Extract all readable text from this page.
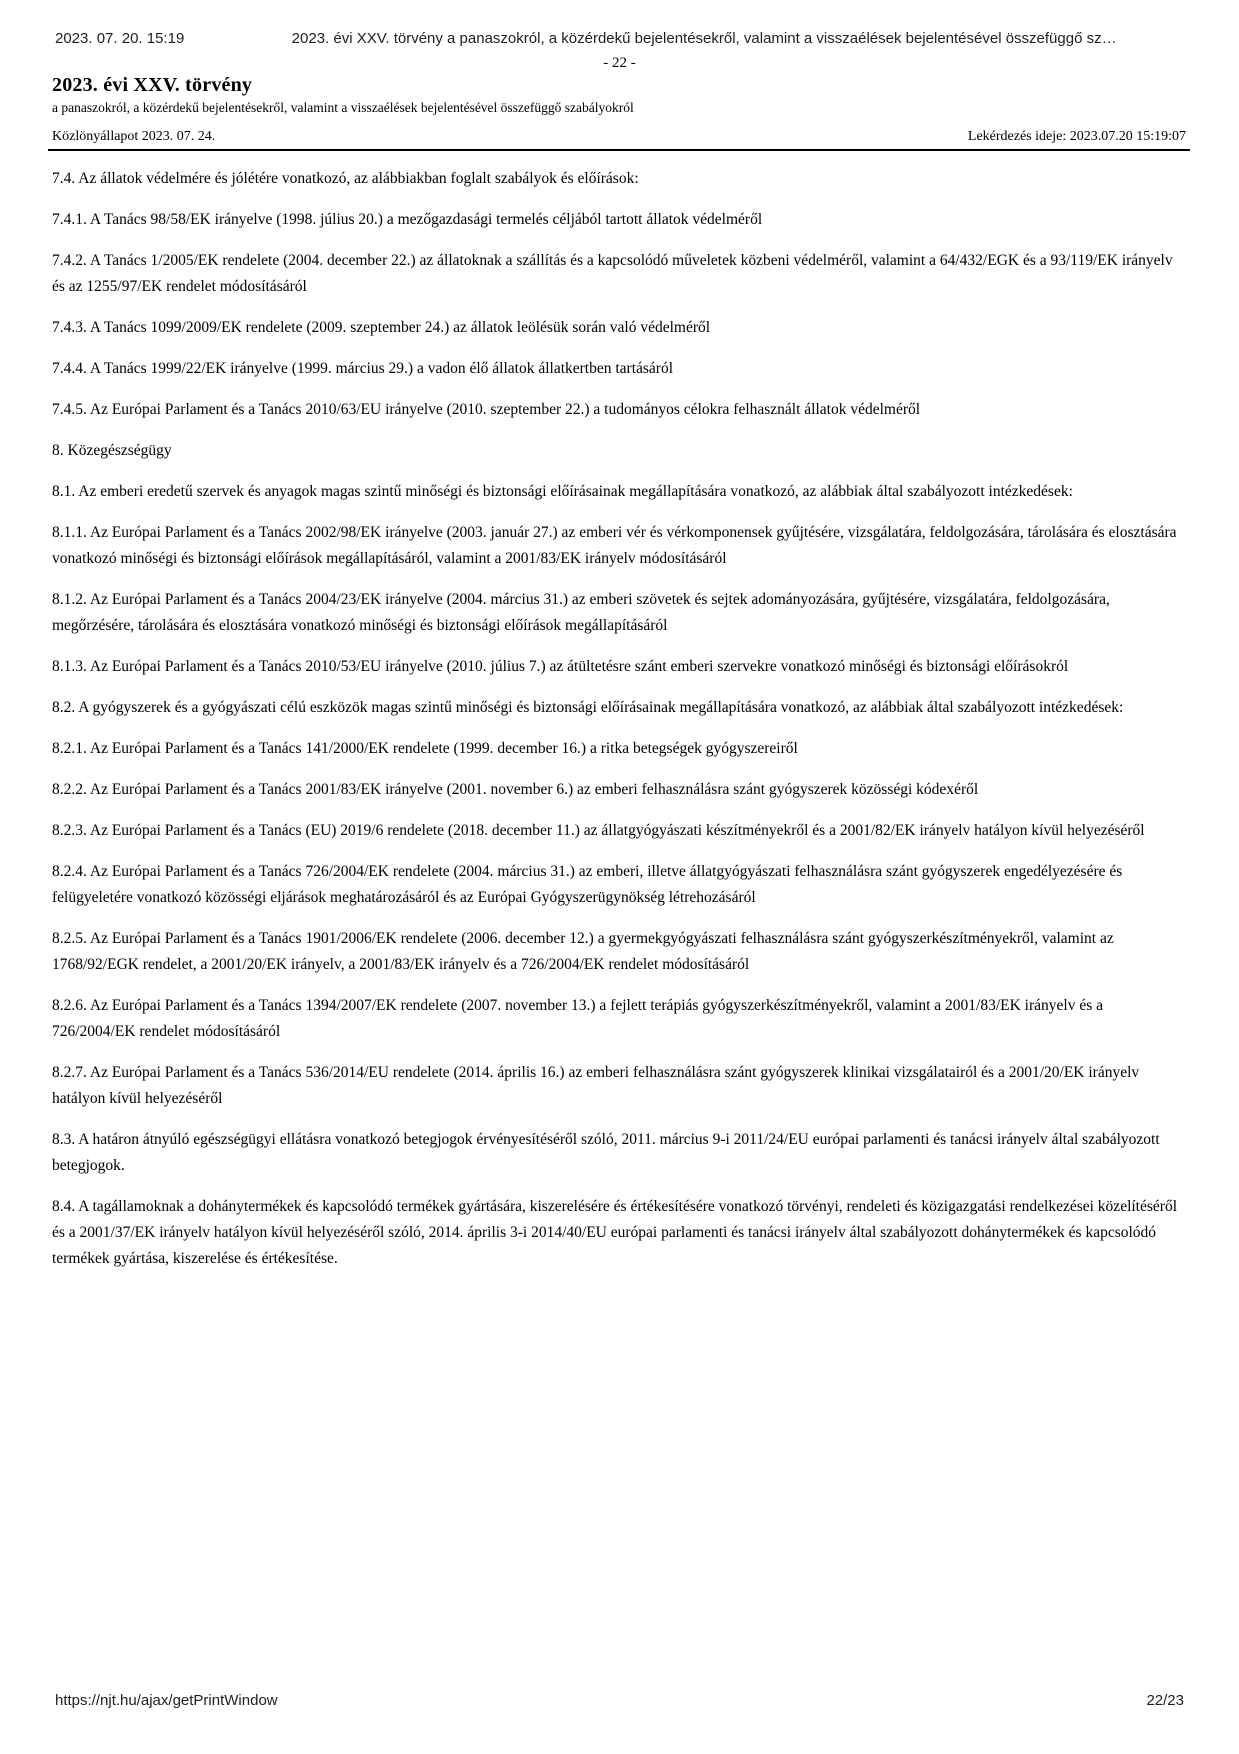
2023. 07. 20. 15:19	2023. évi XXV. törvény a panaszokról, a közérdekű bejelentésekről, valamint a visszaélések bejelentésével összefüggő sz…
- 22 -
2023. évi XXV. törvény
a panaszokról, a közérdekű bejelentésekről, valamint a visszaélések bejelentésével összefüggő szabályokról
Közlönyállapot 2023. 07. 24.	Lekérdezés ideje: 2023.07.20 15:19:07

7.4. Az állatok védelmére és jólétére vonatkozó, az alábbiakban foglalt szabályok és előírások:

7.4.1. A Tanács 98/58/EK irányelve (1998. július 20.) a mezőgazdasági termelés céljából tartott állatok védelméről

7.4.2. A Tanács 1/2005/EK rendelete (2004. december 22.) az állatoknak a szállítás és a kapcsolódó műveletek közbeni védelméről, valamint a 64/432/EGK és a 93/119/EK irányelv és az 1255/97/EK rendelet módosításáról

7.4.3. A Tanács 1099/2009/EK rendelete (2009. szeptember 24.) az állatok leölésük során való védelméről

7.4.4. A Tanács 1999/22/EK irányelve (1999. március 29.) a vadon élő állatok állatkertben tartásáról

7.4.5. Az Európai Parlament és a Tanács 2010/63/EU irányelve (2010. szeptember 22.) a tudományos célokra felhasznált állatok védelméről

8. Közegészségügy

8.1. Az emberi eredetű szervek és anyagok magas szintű minőségi és biztonsági előírásainak megállapítására vonatkozó, az alábbiak által szabályozott intézkedések:

8.1.1. Az Európai Parlament és a Tanács 2002/98/EK irányelve (2003. január 27.) az emberi vér és vérkomponensek gyűjtésére, vizsgálatára, feldolgozására, tárolására és elosztására vonatkozó minőségi és biztonsági előírások megállapításáról, valamint a 2001/83/EK irányelv módosításáról

8.1.2. Az Európai Parlament és a Tanács 2004/23/EK irányelve (2004. március 31.) az emberi szövetek és sejtek adományozására, gyűjtésére, vizsgálatára, feldolgozására, megőrzésére, tárolására és elosztására vonatkozó minőségi és biztonsági előírások megállapításáról

8.1.3. Az Európai Parlament és a Tanács 2010/53/EU irányelve (2010. július 7.) az átültetésre szánt emberi szervekre vonatkozó minőségi és biztonsági előírásokról

8.2. A gyógyszerek és a gyógyászati célú eszközök magas szintű minőségi és biztonsági előírásainak megállapítására vonatkozó, az alábbiak által szabályozott intézkedések:

8.2.1. Az Európai Parlament és a Tanács 141/2000/EK rendelete (1999. december 16.) a ritka betegségek gyógyszereiről

8.2.2. Az Európai Parlament és a Tanács 2001/83/EK irányelve (2001. november 6.) az emberi felhasználásra szánt gyógyszerek közösségi kódexéről

8.2.3. Az Európai Parlament és a Tanács (EU) 2019/6 rendelete (2018. december 11.) az állatgyógyászati készítményekről és a 2001/82/EK irányelv hatályon kívül helyezéséről

8.2.4. Az Európai Parlament és a Tanács 726/2004/EK rendelete (2004. március 31.) az emberi, illetve állatgyógyászati felhasználásra szánt gyógyszerek engedélyezésére és felügyeletére vonatkozó közösségi eljárások meghatározásáról és az Európai Gyógyszerügynökség létrehozásáról

8.2.5. Az Európai Parlament és a Tanács 1901/2006/EK rendelete (2006. december 12.) a gyermekgyógyászati felhasználásra szánt gyógyszerkészítményekről, valamint az 1768/92/EGK rendelet, a 2001/20/EK irányelv, a 2001/83/EK irányelv és a 726/2004/EK rendelet módosításáról

8.2.6. Az Európai Parlament és a Tanács 1394/2007/EK rendelete (2007. november 13.) a fejlett terápiás gyógyszerkészítményekről, valamint a 2001/83/EK irányelv és a 726/2004/EK rendelet módosításáról

8.2.7. Az Európai Parlament és a Tanács 536/2014/EU rendelete (2014. április 16.) az emberi felhasználásra szánt gyógyszerek klinikai vizsgálatairól és a 2001/20/EK irányelv hatályon kívül helyezéséről

8.3. A határon átnyúló egészségügyi ellátásra vonatkozó betegjogok érvényesítéséről szóló, 2011. március 9-i 2011/24/EU európai parlamenti és tanácsi irányelv által szabályozott betegjogok.

8.4. A tagállamoknak a dohánytermékek és kapcsolódó termékek gyártására, kiszerelésére és értékesítésére vonatkozó törvényi, rendeleti és közigazgatási rendelkezései közelítéséről és a 2001/37/EK irányelv hatályon kívül helyezéséről szóló, 2014. április 3-i 2014/40/EU európai parlamenti és tanácsi irányelv által szabályozott dohánytermékek és kapcsolódó termékek gyártása, kiszerelése és értékesítése.

https://njt.hu/ajax/getPrintWindow	22/23
